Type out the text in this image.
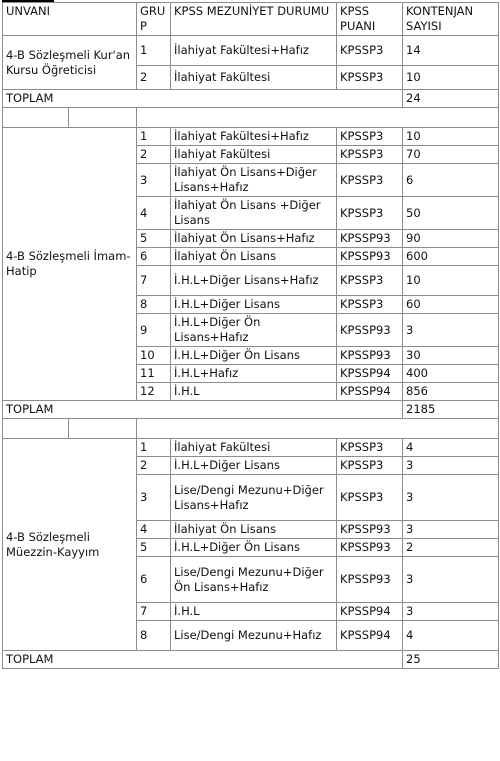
UNVANI		GRUP	KPSS MEZUNİYET DURUMU	KPSS PUANI	KONTENJAN SAYISI
4-B Sözleşmeli Kur'an Kursu Öğreticisi		1	İlahiyat Fakültesi+Hafız	KPSSP3	14
		2	İlahiyat Fakültesi	KPSSP3	10
TOPLAM					24

4-B Sözleşmeli İmam-Hatip		1	İlahiyat Fakültesi+Hafız	KPSSP3	10
		2	İlahiyat Fakültesi	KPSSP3	70
		3	İlahiyat Ön Lisans+Diğer Lisans+Hafız	KPSSP3	6
		4	İlahiyat Ön Lisans +Diğer Lisans	KPSSP3	50
		5	İlahiyat Ön Lisans+Hafız	KPSSP93	90
		6	İlahiyat Ön Lisans	KPSSP93	600
		7	İ.H.L+Diğer Lisans+Hafız	KPSSP3	10
		8	İ.H.L+Diğer Lisans	KPSSP3	60
		9	İ.H.L+Diğer Ön Lisans+Hafız	KPSSP93	3
		10	İ.H.L+Diğer Ön Lisans	KPSSP93	30
		11	İ.H.L+Hafız	KPSSP94	400
		12	İ.H.L	KPSSP94	856
TOPLAM					2185

4-B Sözleşmeli Müezzin-Kayyım		1	İlahiyat Fakültesi	KPSSP3	4
		2	İ.H.L+Diğer Lisans	KPSSP3	3
		3	Lise/Dengi Mezunu+Diğer Lisans+Hafız	KPSSP3	3
		4	İlahiyat Ön Lisans	KPSSP93	3
		5	İ.H.L+Diğer Ön Lisans	KPSSP93	2
		6	Lise/Dengi Mezunu+Diğer Ön Lisans+Hafız	KPSSP93	3
		7	İ.H.L	KPSSP94	3
		8	Lise/Dengi Mezunu+Hafız	KPSSP94	4
TOPLAM					25
